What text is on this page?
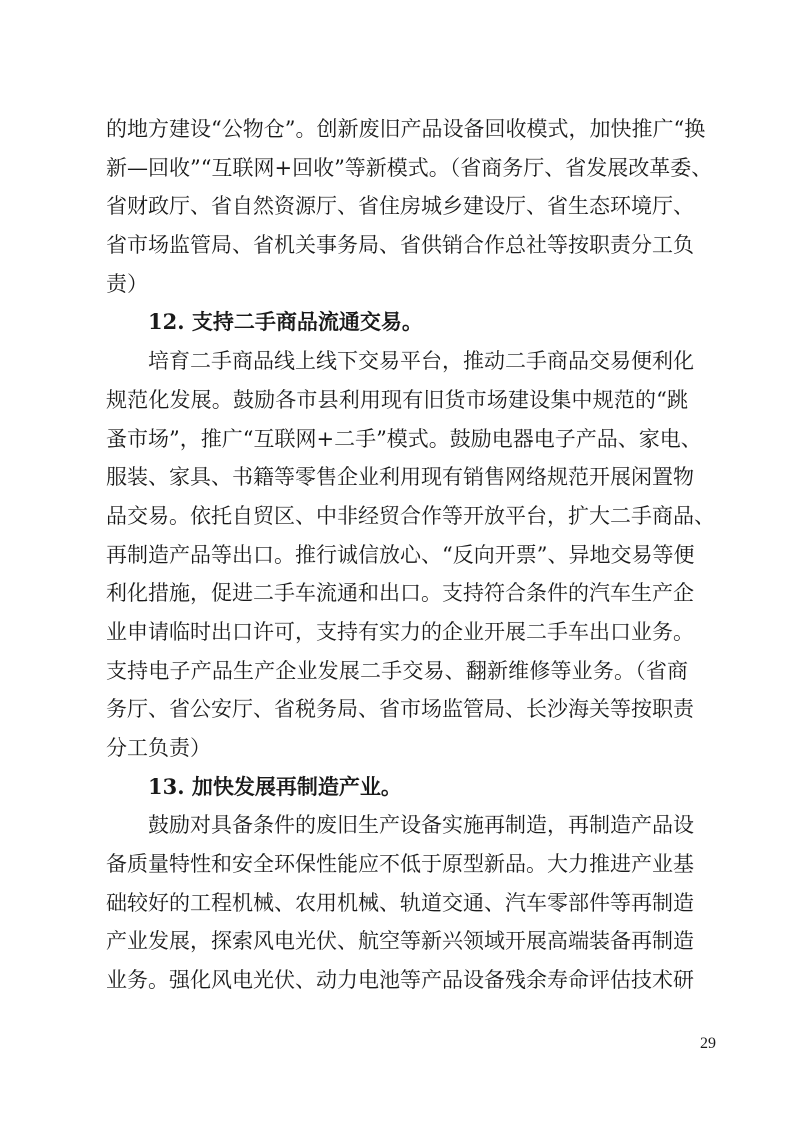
的地方建设“公物仓”。创新废旧产品设备回收模式，加快推广“换
新—回收”“互联网+回收”等新模式。（省商务厅、省发展改革委、
省财政厅、省自然资源厅、省住房城乡建设厅、省生态环境厅、
省市场监管局、省机关事务局、省供销合作总社等按职责分工负
责）
12. 支持二手商品流通交易。
培育二手商品线上线下交易平台，推动二手商品交易便利化
规范化发展。鼓励各市县利用现有旧货市场建设集中规范的“跳
蚤市场”，推广“互联网+二手”模式。鼓励电器电子产品、家电、
服装、家具、书籍等零售企业利用现有销售网络规范开展闲置物
品交易。依托自贸区、中非经贸合作等开放平台，扩大二手商品、
再制造产品等出口。推行诚信放心、“反向开票”、异地交易等便
利化措施，促进二手车流通和出口。支持符合条件的汽车生产企
业申请临时出口许可，支持有实力的企业开展二手车出口业务。
支持电子产品生产企业发展二手交易、翻新维修等业务。（省商
务厅、省公安厅、省税务局、省市场监管局、长沙海关等按职责
分工负责）
13. 加快发展再制造产业。
鼓励对具备条件的废旧生产设备实施再制造，再制造产品设
备质量特性和安全环保性能应不低于原型新品。大力推进产业基
础较好的工程机械、农用机械、轨道交通、汽车零部件等再制造
产业发展，探索风电光伏、航空等新兴领域开展高端装备再制造
业务。强化风电光伏、动力电池等产品设备残余寿命评估技术研
29
